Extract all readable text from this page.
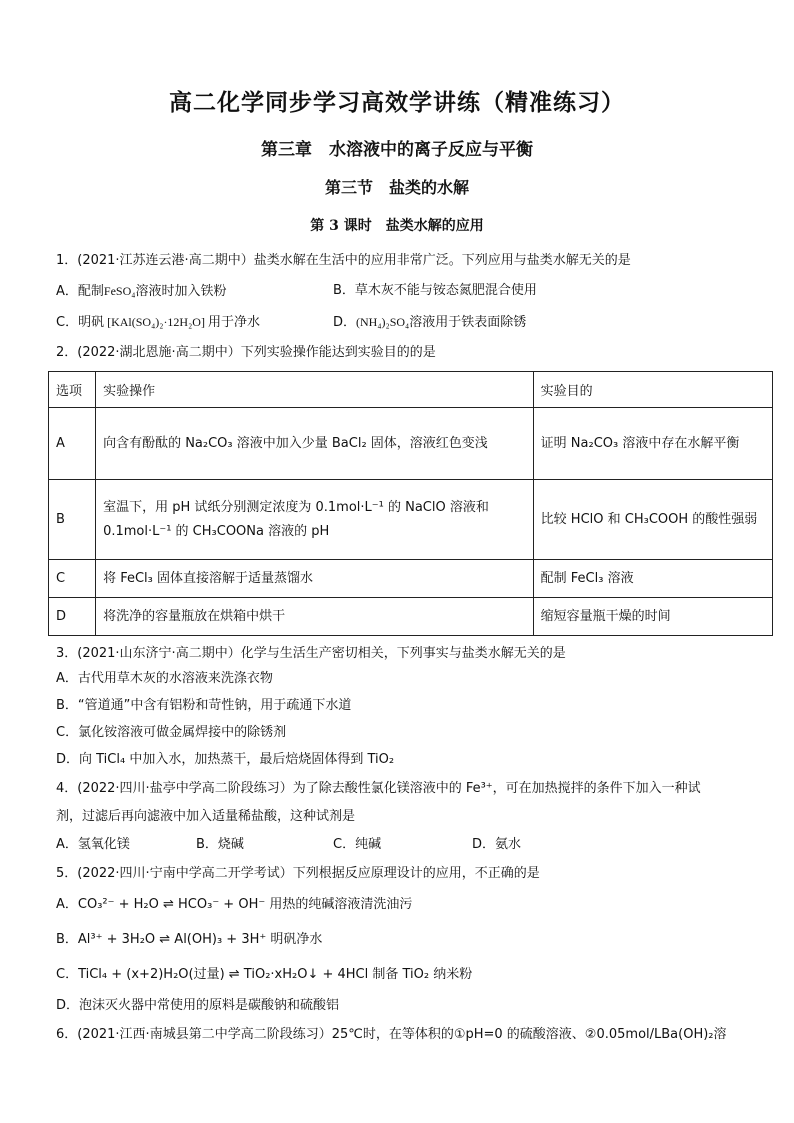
高二化学同步学习高效学讲练（精准练习）
第三章　水溶液中的离子反应与平衡
第三节　盐类的水解
第 3 课时　盐类水解的应用
1．(2021·江苏连云港·高二期中）盐类水解在生活中的应用非常广泛。下列应用与盐类水解无关的是
A．配制FeSO₄溶液时加入铁粉	B．草木灰不能与铵态氮肥混合使用
C．明矾 [KAl(SO₄)₂·12H₂O] 用于净水	D．(NH₄)₂SO₄溶液用于铁表面除锈
2．(2022·湖北恩施·高二期中）下列实验操作能达到实验目的的是
选项	实验操作	实验目的
A	向含有酚酞的 Na₂CO₃ 溶液中加入少量 BaCl₂ 固体，溶液红色变浅	证明 Na₂CO₃ 溶液中存在水解平衡
B	室温下，用 pH 试纸分别测定浓度为 0.1mol·L⁻¹ 的 NaClO 溶液和 0.1mol·L⁻¹ 的 CH₃COONa 溶液的 pH	比较 HClO 和 CH₃COOH 的酸性强弱
C	将 FeCl₃ 固体直接溶解于适量蒸馏水	配制 FeCl₃ 溶液
D	将洗净的容量瓶放在烘箱中烘干	缩短容量瓶干燥的时间
3．(2021·山东济宁·高二期中）化学与生活生产密切相关，下列事实与盐类水解无关的是
A．古代用草木灰的水溶液来洗涤衣物
B．“管道通”中含有铝粉和苛性钠，用于疏通下水道
C．氯化铵溶液可做金属焊接中的除锈剂
D．向 TiCl₄ 中加入水，加热蒸干，最后焙烧固体得到 TiO₂
4．(2022·四川·盐亭中学高二阶段练习）为了除去酸性氯化镁溶液中的 Fe³⁺，可在加热搅拌的条件下加入一种试
剂，过滤后再向滤液中加入适量稀盐酸，这种试剂是
A．氢氧化镁	B．烧碱	C．纯碱	D．氨水
5．(2022·四川·宁南中学高二开学考试）下列根据反应原理设计的应用，不正确的是
A．CO₃²⁻ + H₂O ⇌ HCO₃⁻ + OH⁻ 用热的纯碱溶液清洗油污
B．Al³⁺ + 3H₂O ⇌ Al(OH)₃ + 3H⁺ 明矾净水
C．TiCl₄ + (x+2)H₂O(过量) ⇌ TiO₂·xH₂O↓ + 4HCl 制备 TiO₂ 纳米粉
D．泡沫灭火器中常使用的原料是碳酸钠和硫酸铝
6．(2021·江西·南城县第二中学高二阶段练习）25℃时，在等体积的①pH=0 的硫酸溶液、②0.05mol/LBa(OH)₂溶
